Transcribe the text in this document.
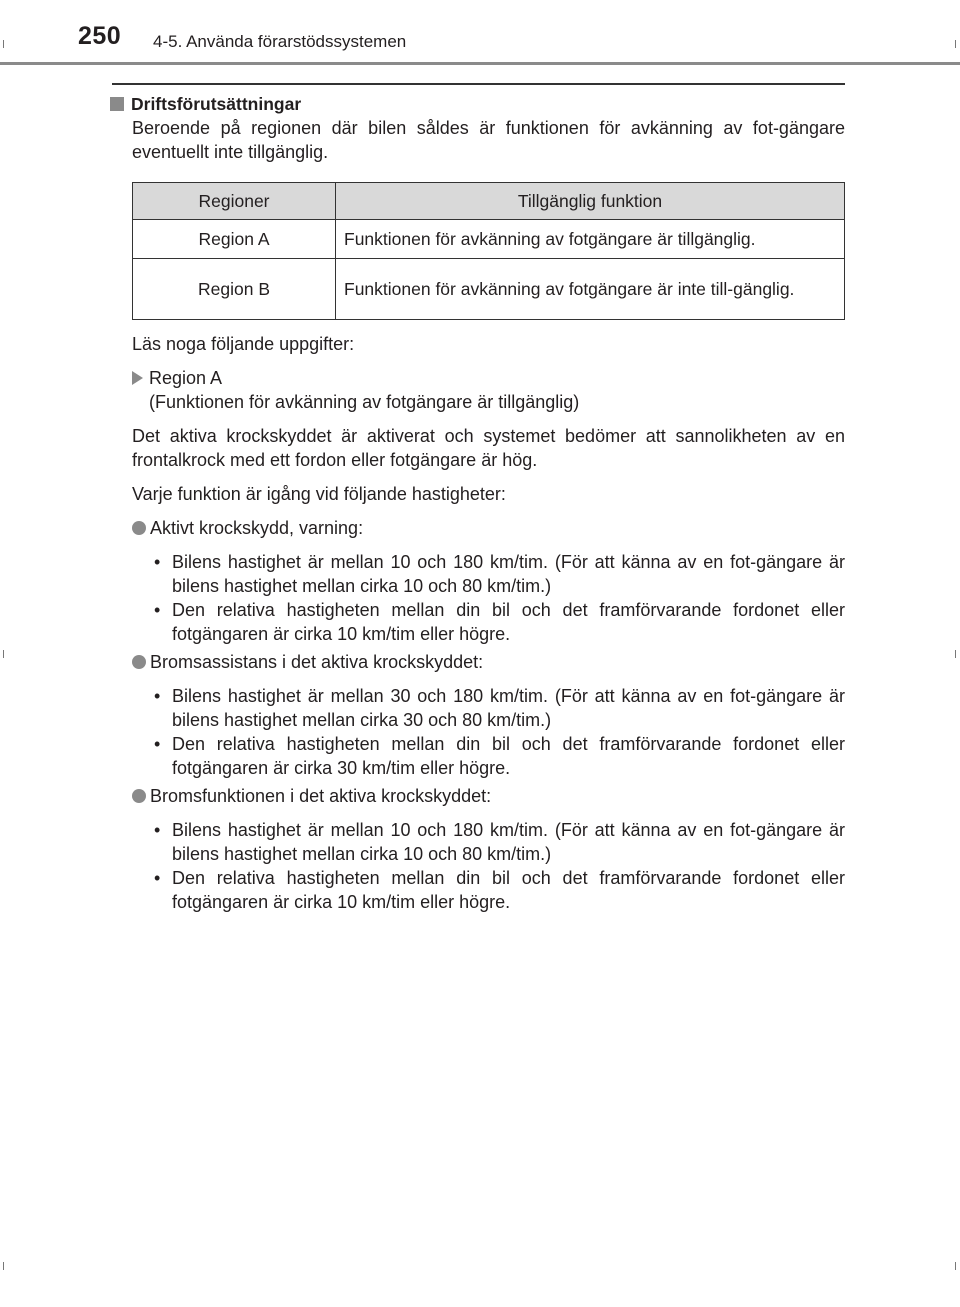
250 4-5. Använda förarstödssystemen
Driftsförutsättningar
Beroende på regionen där bilen såldes är funktionen för avkänning av fot-gängare eventuellt inte tillgänglig.
Regioner	Tillgänglig funktion
Region A	Funktionen för avkänning av fotgängare är tillgänglig.
Region B	Funktionen för avkänning av fotgängare är inte till-gänglig.
Läs noga följande uppgifter:
Region A
(Funktionen för avkänning av fotgängare är tillgänglig)
Det aktiva krockskyddet är aktiverat och systemet bedömer att sannolikheten av en frontalkrock med ett fordon eller fotgängare är hög.
Varje funktion är igång vid följande hastigheter:
Aktivt krockskydd, varning:
• Bilens hastighet är mellan 10 och 180 km/tim. (För att känna av en fot-gängare är bilens hastighet mellan cirka 10 och 80 km/tim.)
• Den relativa hastigheten mellan din bil och det framförvarande fordonet eller fotgängaren är cirka 10 km/tim eller högre.
Bromsassistans i det aktiva krockskyddet:
• Bilens hastighet är mellan 30 och 180 km/tim. (För att känna av en fot-gängare är bilens hastighet mellan cirka 30 och 80 km/tim.)
• Den relativa hastigheten mellan din bil och det framförvarande fordonet eller fotgängaren är cirka 30 km/tim eller högre.
Bromsfunktionen i det aktiva krockskyddet:
• Bilens hastighet är mellan 10 och 180 km/tim. (För att känna av en fot-gängare är bilens hastighet mellan cirka 10 och 80 km/tim.)
• Den relativa hastigheten mellan din bil och det framförvarande fordonet eller fotgängaren är cirka 10 km/tim eller högre.
